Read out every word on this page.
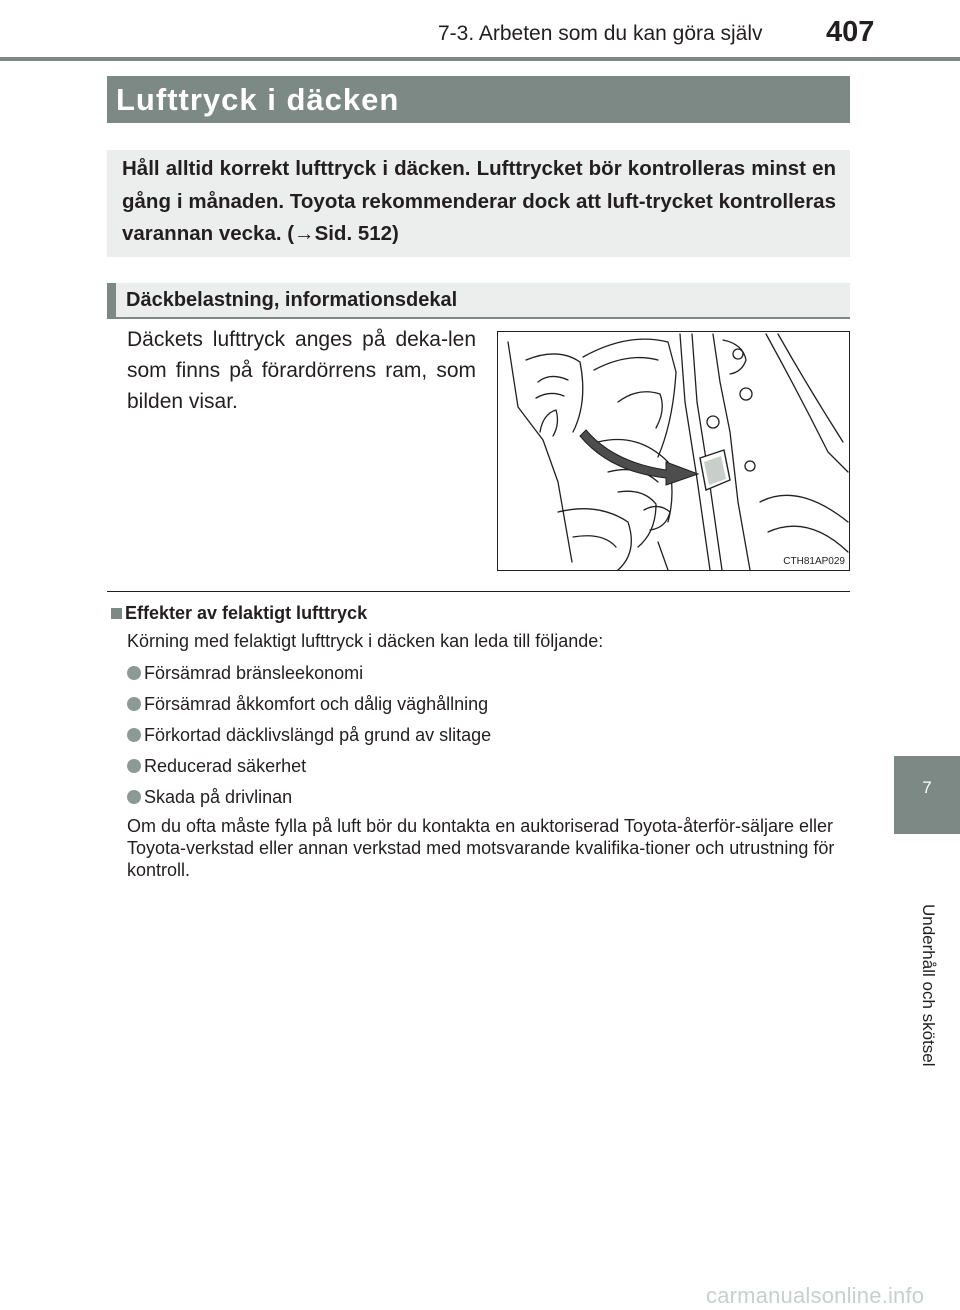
7-3. Arbeten som du kan göra själv 407
Lufttryck i däcken
Håll alltid korrekt lufttryck i däcken. Lufttrycket bör kontrolleras minst en gång i månaden. Toyota rekommenderar dock att luft-trycket kontrolleras varannan vecka. (→Sid. 512)
Däckbelastning, informationsdekal
Däckets lufttryck anges på deka-len som finns på förardörrens ram, som bilden visar.
CTH81AP029
Effekter av felaktigt lufttryck
Körning med felaktigt lufttryck i däcken kan leda till följande:
Försämrad bränsleekonomi
Försämrad åkkomfort och dålig väghållning
Förkortad däcklivslängd på grund av slitage
Reducerad säkerhet
Skada på drivlinan
Om du ofta måste fylla på luft bör du kontakta en auktoriserad Toyota-återför-säljare eller Toyota-verkstad eller annan verkstad med motsvarande kvalifika-tioner och utrustning för kontroll.
7
Underhåll och skötsel
carmanualsonline.info
